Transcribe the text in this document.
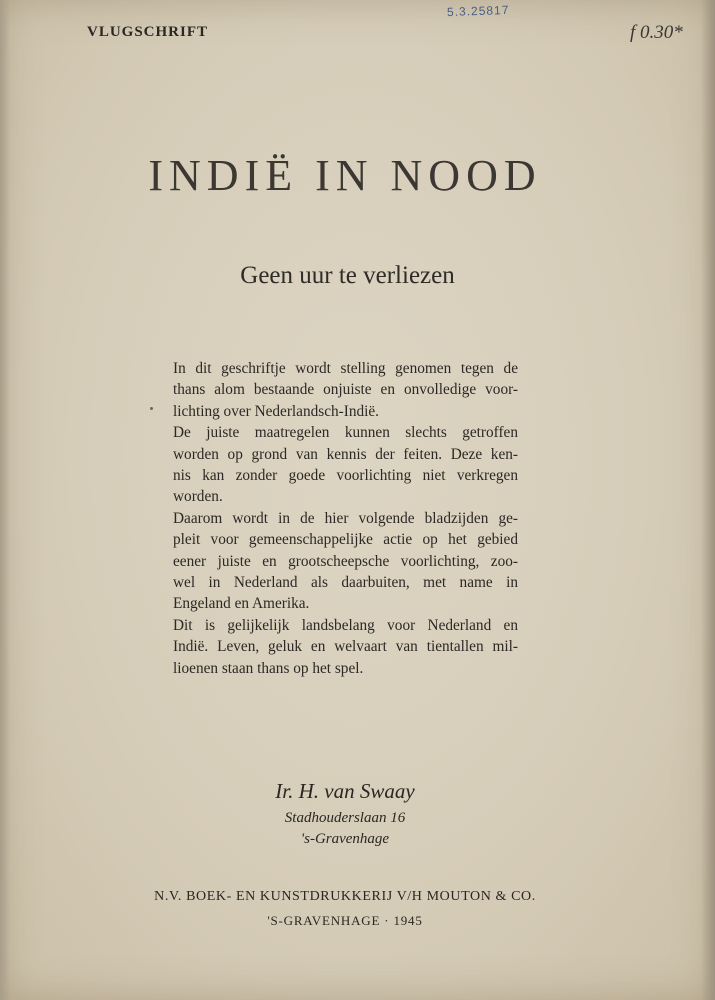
VLUGSCHRIFT
5.3.25817
f 0.30*
INDIË IN NOOD
Geen uur te verliezen
In dit geschriftje wordt stelling genomen tegen de
thans alom bestaande onjuiste en onvolledige voor-
lichting over Nederlandsch-Indië.
De juiste maatregelen kunnen slechts getroffen
worden op grond van kennis der feiten. Deze ken-
nis kan zonder goede voorlichting niet verkregen
worden.
Daarom wordt in de hier volgende bladzijden ge-
pleit voor gemeenschappelijke actie op het gebied
eener juiste en grootscheepsche voorlichting, zoo-
wel in Nederland als daarbuiten, met name in
Engeland en Amerika.
Dit is gelijkelijk landsbelang voor Nederland en
Indië. Leven, geluk en welvaart van tientallen mil-
lioenen staan thans op het spel.
Ir. H. van Swaay
Stadhouderslaan 16
's-Gravenhage
N.V. BOEK- EN KUNSTDRUKKERIJ V/H MOUTON & CO.
'S-GRAVENHAGE · 1945
